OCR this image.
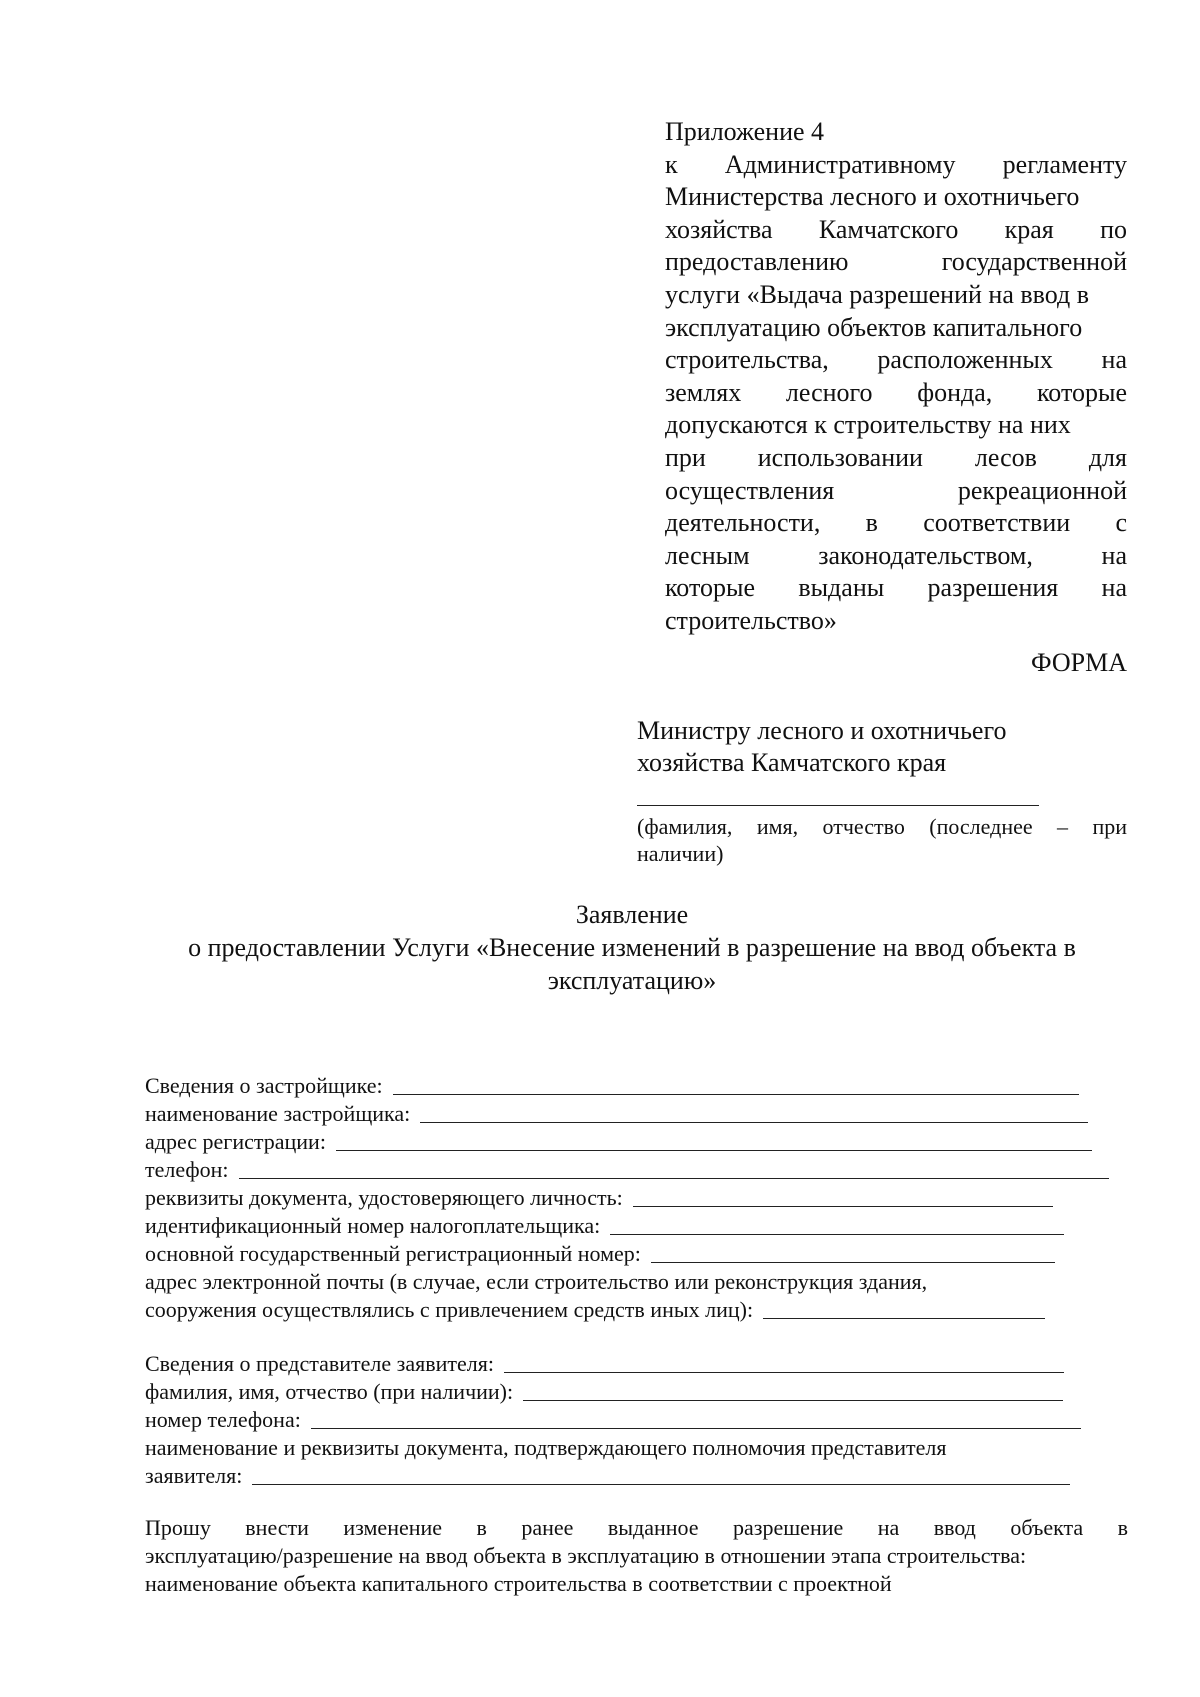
Приложение 4
к Административному регламенту
Министерства лесного и охотничьего
хозяйства Камчатского края по
предоставлению государственной
услуги «Выдача разрешений на ввод в
эксплуатацию объектов капитального
строительства, расположенных на
землях лесного фонда, которые
допускаются к строительству на них
при использовании лесов для
осуществления рекреационной
деятельности, в соответствии с
лесным законодательством, на
которые выданы разрешения на
строительство»
ФОРМА
Министру лесного и охотничьего
хозяйства Камчатского края
(фамилия, имя, отчество (последнее – при
наличии)
Заявление
о предоставлении Услуги «Внесение изменений в разрешение на ввод объекта в
эксплуатацию»
Сведения о застройщике:
наименование застройщика:
адрес регистрации:
телефон:
реквизиты документа, удостоверяющего личность:
идентификационный номер налогоплательщика:
основной государственный регистрационный номер:
адрес электронной почты (в случае, если строительство или реконструкция здания,
сооружения осуществлялись с привлечением средств иных лиц):
Сведения о представителе заявителя:
фамилия, имя, отчество (при наличии):
номер телефона:
наименование и реквизиты документа, подтверждающего полномочия представителя
заявителя:
Прошу внести изменение в ранее выданное разрешение на ввод объекта в
эксплуатацию/разрешение на ввод объекта в эксплуатацию в отношении этапа строительства:
наименование объекта капитального строительства в соответствии с проектной
